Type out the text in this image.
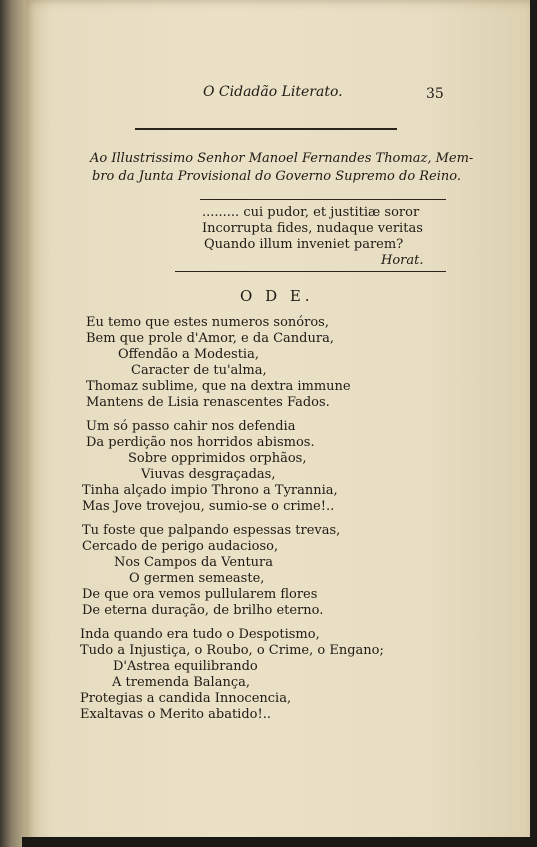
O Cidadão Literato.	35
Ao Illustrissimo Senhor Manoel Fernandes Thomaz, Mem-
bro da Junta Provisional do Governo Supremo do Reino.
......... cui pudor, et justitiæ soror
Incorrupta fides, nudaque veritas
Quando illum inveniet parem?
Horat.
O D E.
Eu temo que estes numeros sonóros,
Bem que prole d'Amor, e da Candura,
Offendão a Modestia,
Caracter de tu'alma,
Thomaz sublime, que na dextra immune
Mantens de Lisia renascentes Fados.
Um só passo cahir nos defendia
Da perdição nos horridos abismos.
Sobre opprimidos orphãos,
Viuvas desgraçadas,
Tinha alçado impio Throno a Tyrannia,
Mas Jove trovejou, sumio-se o crime!..
Tu foste que palpando espessas trevas,
Cercado de perigo audacioso,
Nos Campos da Ventura
O germen semeaste,
De que ora vemos pullularem flores
De eterna duração, de brilho eterno.
Inda quando era tudo o Despotismo,
Tudo a Injustiça, o Roubo, o Crime, o Engano;
D'Astrea equilibrando
A tremenda Balança,
Protegias a candida Innocencia,
Exaltavas o Merito abatido!..
